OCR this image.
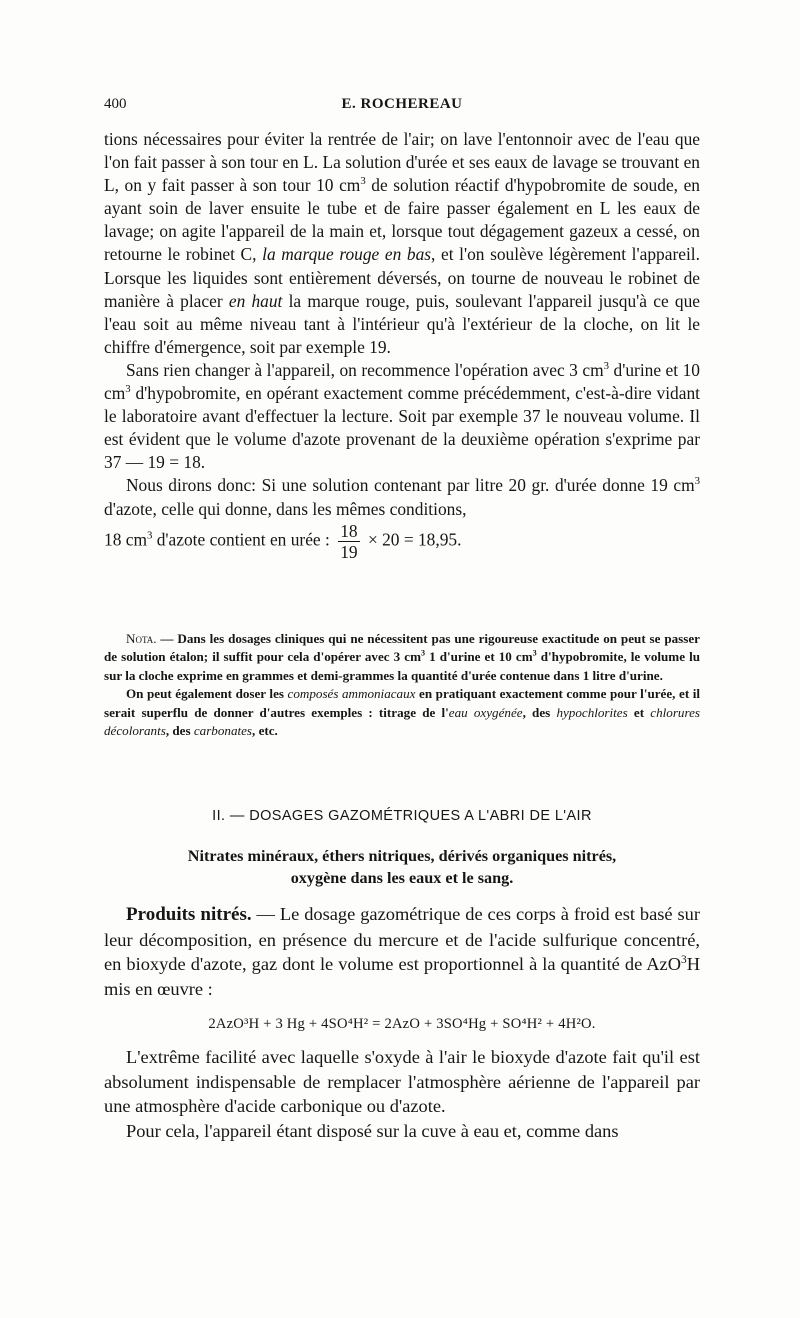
400	E. ROCHEREAU

tions nécessaires pour éviter la rentrée de l'air; on lave l'entonnoir avec de l'eau que l'on fait passer à son tour en L. La solution d'urée et ses eaux de lavage se trouvant en L, on y fait passer à son tour 10 $cm^3$ de solution réactif d'hypobromite de soude, en ayant soin de laver ensuite le tube et de faire passer également en L les eaux de lavage; on agite l'appareil de la main et, lorsque tout dégagement gazeux a cessé, on retourne le robinet C, la marque rouge en bas, et l'on soulève légèrement l'appareil. Lorsque les liquides sont entièrement déversés, on tourne de nouveau le robinet de manière à placer en haut la marque rouge, puis, soulevant l'appareil jusqu'à ce que l'eau soit au même niveau tant à l'intérieur qu'à l'extérieur de la cloche, on lit le chiffre d'émergence, soit par exemple 19.

Sans rien changer à l'appareil, on recommence l'opération avec 3 $cm^3$ d'urine et 10 $cm^3$ d'hypobromite, en opérant exactement comme précédemment, c'est-à-dire vidant le laboratoire avant d'effectuer la lecture. Soit par exemple 37 le nouveau volume. Il est évident que le volume d'azote provenant de la deuxième opération s'exprime par 37 — 19 = 18.

Nous dirons donc: Si une solution contenant par litre 20 gr. d'urée donne 19 $cm^3$ d'azote, celle qui donne, dans les mêmes conditions,

18 $cm^3$ d'azote contient en urée : $\frac{18}{19} \times 20 = 18,95$.

Nota. — Dans les dosages cliniques qui ne nécessitent pas une rigoureuse exactitude on peut se passer de solution étalon; il suffit pour cela d'opérer avec 3 $cm^3$ 1 d'urine et 10 $cm^3$ d'hypobromite, le volume lu sur la cloche exprime en grammes et demi-grammes la quantité d'urée contenue dans 1 litre d'urine.

On peut également doser les composés ammoniacaux en pratiquant exactement comme pour l'urée, et il serait superflu de donner d'autres exemples : titrage de l'eau oxygénée, des hypochlorites et chlorures décolorants, des carbonates, etc.

II. — DOSAGES GAZOMÉTRIQUES A L'ABRI DE L'AIR

Nitrates minéraux, éthers nitriques, dérivés organiques nitrés,
oxygène dans les eaux et le sang.

Produits nitrés. — Le dosage gazométrique de ces corps à froid est basé sur leur décomposition, en présence du mercure et de l'acide sulfurique concentré, en bioxyde d'azote, gaz dont le volume est proportionnel à la quantité de AzO$^3$H mis en œuvre :

2AzO³H + 3 Hg + 4SO⁴H² = 2AzO + 3SO⁴Hg + SO⁴H² + 4H²O.

L'extrême facilité avec laquelle s'oxyde à l'air le bioxyde d'azote fait qu'il est absolument indispensable de remplacer l'atmosphère aérienne de l'appareil par une atmosphère d'acide carbonique ou d'azote.

Pour cela, l'appareil étant disposé sur la cuve à eau et, comme dans
